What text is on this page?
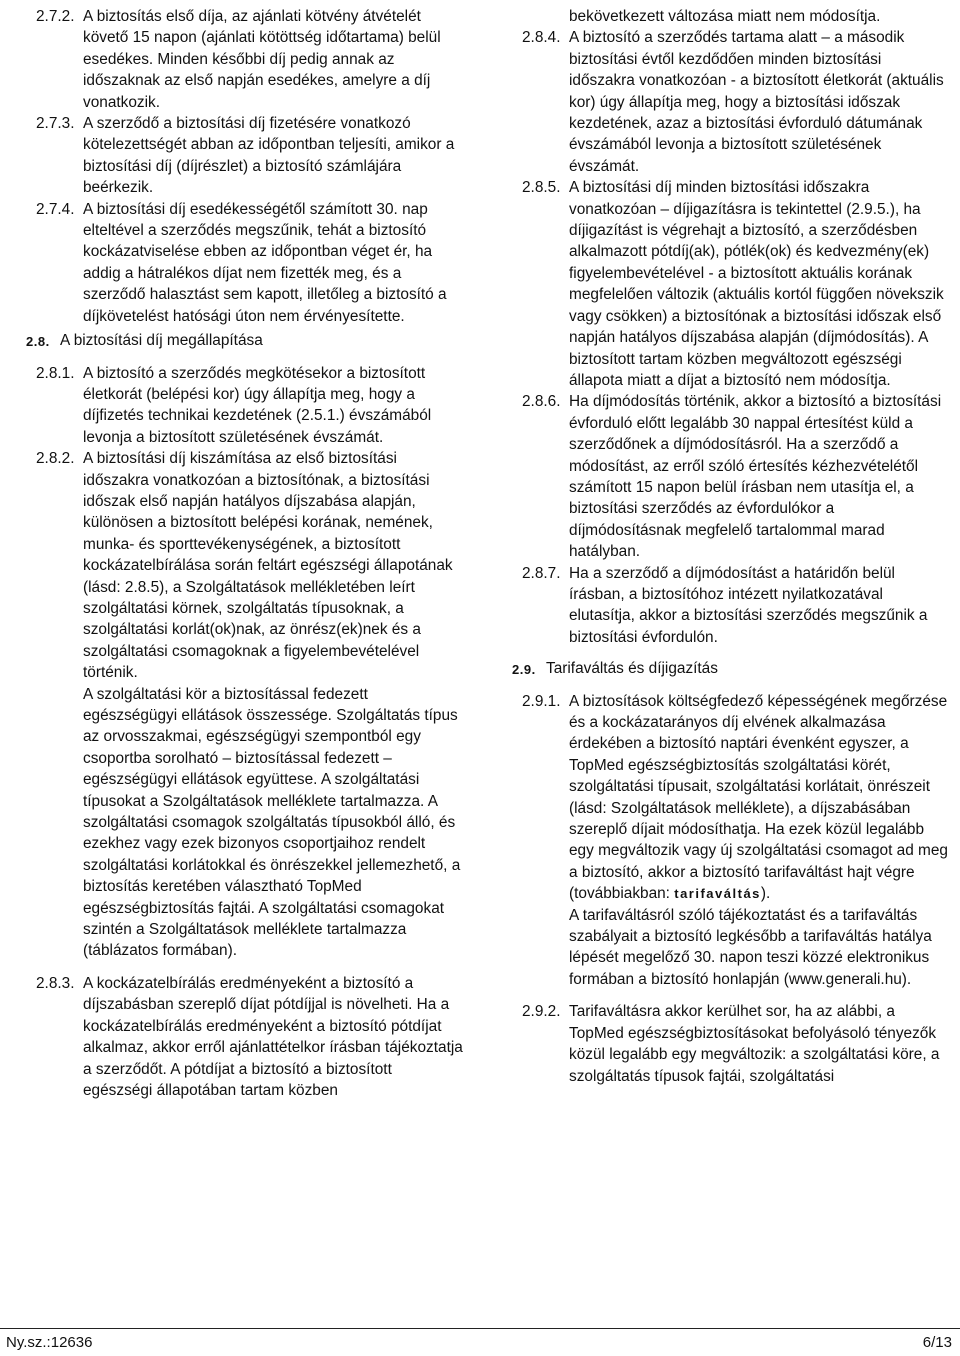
2.7.2. A biztosítás első díja, az ajánlati kötvény átvételét követő 15 napon (ajánlati kötöttség időtartama) belül esedékes. Minden későbbi díj pedig annak az időszaknak az első napján esedékes, amelyre a díj vonatkozik.

2.7.3. A szerződő a biztosítási díj fizetésére vonatkozó kötelezettségét abban az időpontban teljesíti, amikor a biztosítási díj (díjrészlet) a biztosító számlájára beérkezik.

2.7.4. A biztosítási díj esedékességétől számított 30. nap elteltével a szerződés megszűnik, tehát a biztosító kockázatviselése ebben az időpontban véget ér, ha addig a hátralékos díjat nem fizették meg, és a szerződő halasztást sem kapott, illetőleg a biztosító a díjkövetelést hatósági úton nem érvényesítette.

2.8. A biztosítási díj megállapítása
2.8.1. A biztosító a szerződés megkötésekor a biztosított életkorát (belépési kor) úgy állapítja meg, hogy a díjfizetés technikai kezdetének (2.5.1.) évszámából levonja a biztosított születésének évszámát.

2.8.2. A biztosítási díj kiszámítása az első biztosítási időszakra vonatkozóan a biztosítónak, a biztosítási időszak első napján hatályos díjszabása alapján, különösen a biztosított belépési korának, nemének, munka- és sporttevékenységének, a biztosított kockázatelbírálása során feltárt egészségi állapotának (lásd: 2.8.5), a Szolgáltatások mellékletében leírt szolgáltatási körnek, szolgáltatás típusoknak, a szolgáltatási korlát(ok)nak, az önrész(ek)nek és a szolgáltatási csomagoknak a figyelembevételével történik.

A szolgáltatási kör a biztosítással fedezett egészségügyi ellátások összessége. Szolgáltatás típus az orvosszakmai, egészségügyi szempontból egy csoportba sorolható – biztosítással fedezett – egészségügyi ellátások együttese. A szolgáltatási típusokat a Szolgáltatások melléklete tartalmazza. A szolgáltatási csomagok szolgáltatás típusokból álló, és ezekhez vagy ezek bizonyos csoportjaihoz rendelt szolgáltatási korlátokkal és önrészekkel jellemezhető, a biztosítás keretében választható TopMed egészségbiztosítás fajtái. A szolgáltatási csomagokat szintén a Szolgáltatások melléklete tartalmazza (táblázatos formában).

2.8.3. A kockázatelbírálás eredményeként a biztosító a díjszabásban szereplő díjat pótdíjjal is növelheti. Ha a kockázatelbírálás eredményeként a biztosító pótdíjat alkalmaz, akkor erről ajánlattételkor írásban tájékoztatja a szerződőt. A pótdíjat a biztosító a biztosított egészségi állapotában tartam közben

bekövetkezett változása miatt nem módosítja.

2.8.4. A biztosító a szerződés tartama alatt – a második biztosítási évtől kezdődően minden biztosítási időszakra vonatkozóan - a biztosított életkorát (aktuális kor) úgy állapítja meg, hogy a biztosítási időszak kezdetének, azaz a biztosítási évforduló dátumának évszámából levonja a biztosított születésének évszámát.

2.8.5. A biztosítási díj minden biztosítási időszakra vonatkozóan – díjigazításra is tekintettel (2.9.5.), ha díjigazítást is végrehajt a biztosító, a szerződésben alkalmazott pótdíj(ak), pótlék(ok) és kedvezmény(ek) figyelembevételével - a biztosított aktuális korának megfelelően változik (aktuális kortól függően növekszik vagy csökken) a biztosítónak a biztosítási időszak első napján hatályos díjszabása alapján (díjmódosítás). A biztosított tartam közben megváltozott egészségi állapota miatt a díjat a biztosító nem módosítja.

2.8.6. Ha díjmódosítás történik, akkor a biztosító a biztosítási évforduló előtt legalább 30 nappal értesítést küld a szerződőnek a díjmódosításról. Ha a szerződő a módosítást, az erről szóló értesítés kézhezvételétől számított 15 napon belül írásban nem utasítja el, a biztosítási szerződés az évfordulókor a díjmódosításnak megfelelő tartalommal marad hatályban.

2.8.7. Ha a szerződő a díjmódosítást a határidőn belül írásban, a biztosítóhoz intézett nyilatkozatával elutasítja, akkor a biztosítási szerződés megszűnik a biztosítási évfordulón.

2.9. Tarifaváltás és díjigazítás
2.9.1. A biztosítások költségfedező képességének megőrzése és a kockázatarányos díj elvének alkalmazása érdekében a biztosító naptári évenként egyszer, a TopMed egészségbiztosítás szolgáltatási körét, szolgáltatási típusait, szolgáltatási korlátait, önrészeit (lásd: Szolgáltatások melléklete), a díjszabásában szereplő díjait módosíthatja. Ha ezek közül legalább egy megváltozik vagy új szolgáltatási csomagot ad meg a biztosító, akkor a biztosító tarifaváltást hajt végre (továbbiakban: tarifaváltás).

A tarifaváltásról szóló tájékoztatást és a tarifaváltás szabályait a biztosító legkésőbb a tarifaváltás hatálya lépését megelőző 30. napon teszi közzé elektronikus formában a biztosító honlapján (www.generali.hu).

2.9.2. Tarifaváltásra akkor kerülhet sor, ha az alábbi, a TopMed egészségbiztosításokat befolyásoló tényezők közül legalább egy megváltozik: a szolgáltatási köre, a szolgáltatás típusok fajtái, szolgáltatási

Ny.sz.:12636	6/13
